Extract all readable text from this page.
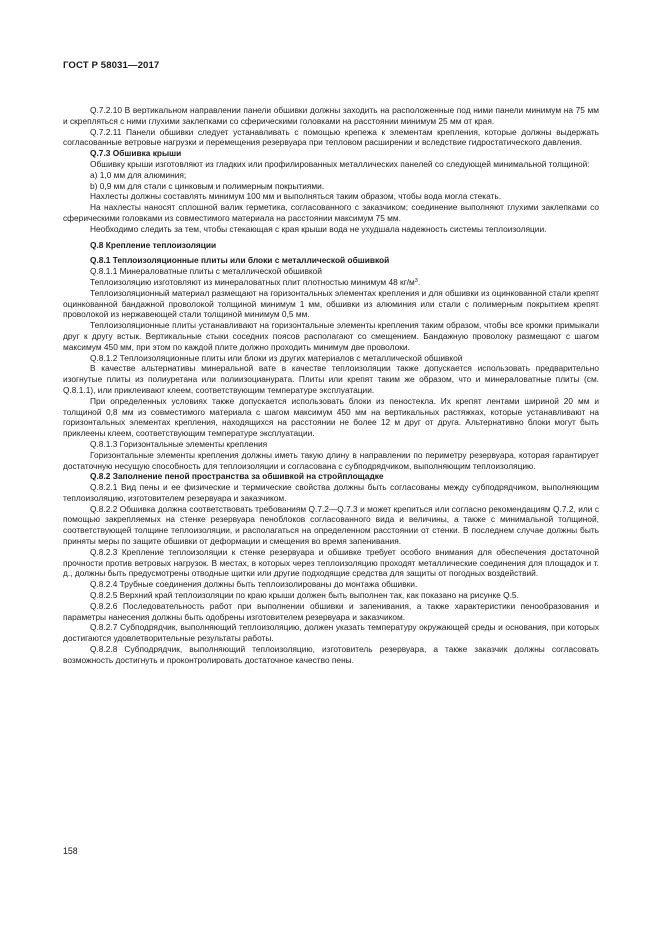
ГОСТ Р 58031—2017

Q.7.2.10 В вертикальном направлении панели обшивки должны заходить на расположенные под ними панели минимум на 75 мм и скрепляться с ними глухими заклепками со сферическими головками на расстоянии минимум 25 мм от края.

Q.7.2.11 Панели обшивки следует устанавливать с помощью крепежа к элементам крепления, которые должны выдержать согласованные ветровые нагрузки и перемещения резервуара при тепловом расширении и вследствие гидростатического давления.

Q.7.3 Обшивка крыши

Обшивку крыши изготовляют из гладких или профилированных металлических панелей со следующей минимальной толщиной:

а) 1,0 мм для алюминия;

b) 0,9 мм для стали с цинковым и полимерным покрытиями.

Нахлесты должны составлять минимум 100 мм и выполняться таким образом, чтобы вода могла стекать.

На нахлесты наносят сплошной валик герметика, согласованного с заказчиком; соединение выполняют глухими заклепками со сферическими головками из совместимого материала на расстоянии максимум 75 мм.

Необходимо следить за тем, чтобы стекающая с края крыши вода не ухудшала надежность системы теплоизоляции.

Q.8 Крепление теплоизоляции

Q.8.1 Теплоизоляционные плиты или блоки с металлической обшивкой

Q.8.1.1 Минераловатные плиты с металлической обшивкой

Теплоизоляцию изготовляют из минераловатных плит плотностью минимум 48 $кг/м^3$.

Теплоизоляционный материал размещают на горизонтальных элементах крепления и для обшивки из оцинкованной стали крепят оцинкованной бандажной проволокой толщиной минимум 1 мм, обшивки из алюминия или стали с полимерным покрытием крепят проволокой из нержавеющей стали толщиной минимум 0,5 мм.

Теплоизоляционные плиты устанавливают на горизонтальные элементы крепления таким образом, чтобы все кромки примыкали друг к другу встык. Вертикальные стыки соседних поясов располагают со смещением. Бандажную проволоку размещают с шагом максимум 450 мм, при этом по каждой плите должно проходить минимум две проволоки.

Q.8.1.2 Теплоизоляционные плиты или блоки из других материалов с металлической обшивкой

В качестве альтернативы минеральной вате в качестве теплоизоляции также допускается использовать предварительно изогнутые плиты из полиуретана или полиизоцианурата. Плиты или крепят таким же образом, что и минераловатные плиты (см. Q.8.1.1), или приклеивают клеем, соответствующим температуре эксплуатации.

При определенных условиях также допускается использовать блоки из пеностекла. Их крепят лентами шириной 20 мм и толщиной 0,8 мм из совместимого материала с шагом максимум 450 мм на вертикальных растяжках, которые устанавливают на горизонтальных элементах крепления, находящихся на расстоянии не более 12 м друг от друга. Альтернативно блоки могут быть приклеены клеем, соответствующим температуре эксплуатации.

Q.8.1.3 Горизонтальные элементы крепления

Горизонтальные элементы крепления должны иметь такую длину в направлении по периметру резервуара, которая гарантирует достаточную несущую способность для теплоизоляции и согласована с субподрядчиком, выполняющим теплоизоляцию.

Q.8.2 Заполнение пеной пространства за обшивкой на стройплощадке

Q.8.2.1 Вид пены и ее физические и термические свойства должны быть согласованы между субподрядчиком, выполняющим теплоизоляцию, изготовителем резервуара и заказчиком.

Q.8.2.2 Обшивка должна соответствовать требованиям Q.7.2—Q.7.3 и может крепиться или согласно рекомендациям Q.7.2, или с помощью закрепляемых на стенке резервуара пеноблоков согласованного вида и величины, а также с минимальной толщиной, соответствующей толщине теплоизоляции, и располагаться на определенном расстоянии от стенки. В последнем случае должны быть приняты меры по защите обшивки от деформации и смещения во время запенивания.

Q.8.2.3 Крепление теплоизоляции к стенке резервуара и обшивке требует особого внимания для обеспечения достаточной прочности против ветровых нагрузок. В местах, в которых через теплоизоляцию проходят металлические соединения для площадок и т. д., должны быть предусмотрены отводные щитки или другие подходящие средства для защиты от погодных воздействий.

Q.8.2.4 Трубные соединения должны быть теплоизолированы до монтажа обшивки.

Q.8.2.5 Верхний край теплоизоляции по краю крыши должен быть выполнен так, как показано на рисунке Q.5.

Q.8.2.6 Последовательность работ при выполнении обшивки и запенивания, а также характеристики пенообразования и параметры нанесения должны быть одобрены изготовителем резервуара и заказчиком.

Q.8.2.7 Субподрядчик, выполняющий теплоизоляцию, должен указать температуру окружающей среды и основания, при которых достигаются удовлетворительные результаты работы.

Q.8.2.8 Субподрядчик, выполняющий теплоизоляцию, изготовитель резервуара, а также заказчик должны согласовать возможность достигнуть и проконтролировать достаточное качество пены.

158
